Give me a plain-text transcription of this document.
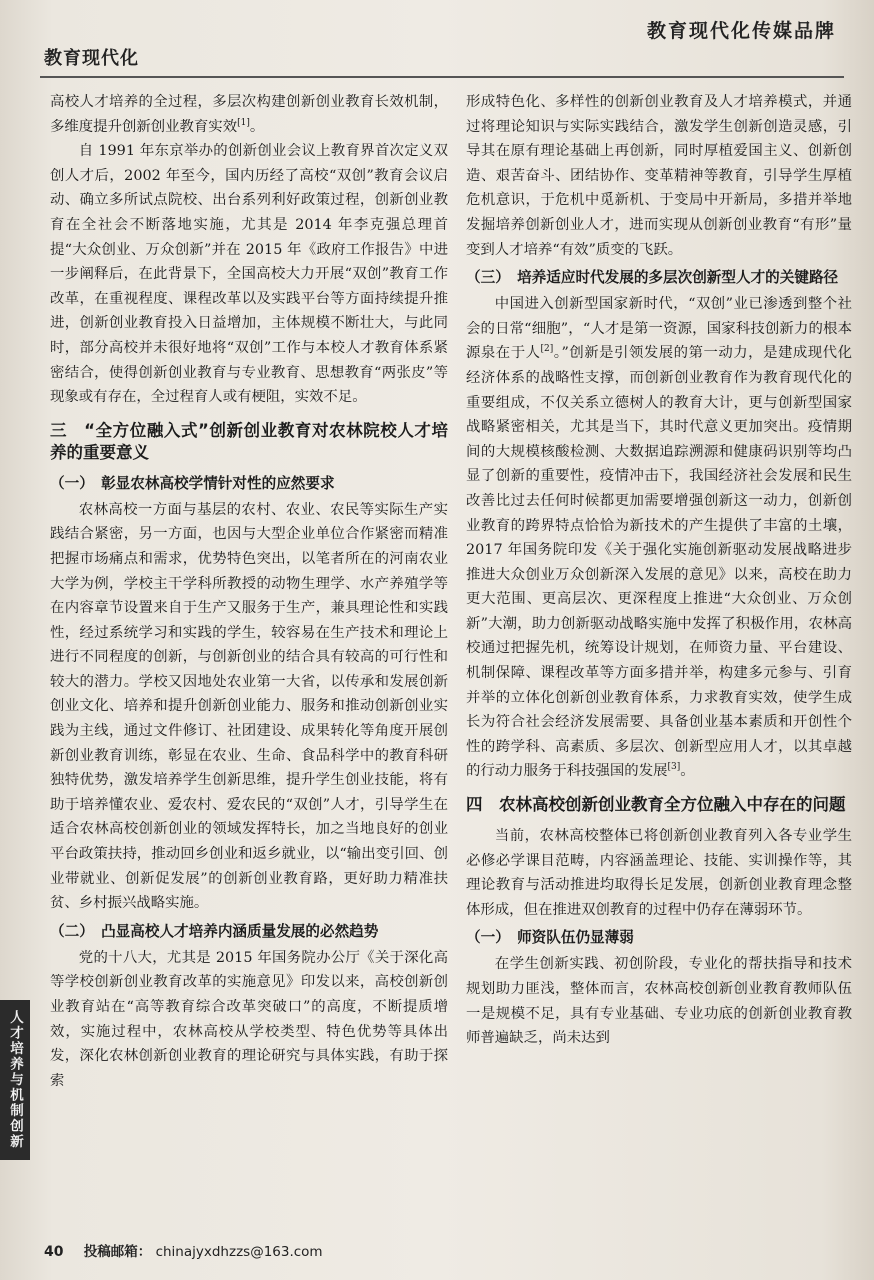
教育现代化
教育现代化传媒品牌

高校人才培养的全过程，多层次构建创新创业教育长效机制，多维度提升创新创业教育实效[1]。

自 1991 年东京举办的创新创业会议上教育界首次定义双创人才后，2002 年至今，国内历经了高校“双创”教育会议启动、确立多所试点院校、出台系列利好政策过程，创新创业教育在全社会不断落地实施，尤其是 2014 年李克强总理首提“大众创业、万众创新”并在 2015 年《政府工作报告》中进一步阐释后，在此背景下，全国高校大力开展“双创”教育工作改革，在重视程度、课程改革以及实践平台等方面持续提升推进，创新创业教育投入日益增加，主体规模不断壮大，与此同时，部分高校并未很好地将“双创”工作与本校人才教育体系紧密结合，使得创新创业教育与专业教育、思想教育“两张皮”等现象或有存在，全过程育人或有梗阻，实效不足。

三　“全方位融入式”创新创业教育对农林院校人才培养的重要意义
（一）　彰显农林高校学情针对性的应然要求

农林高校一方面与基层的农村、农业、农民等实际生产实践结合紧密，另一方面，也因与大型企业单位合作紧密而精准把握市场痛点和需求，优势特色突出，以笔者所在的河南农业大学为例，学校主干学科所教授的动物生理学、水产养殖学等在内容章节设置来自于生产又服务于生产，兼具理论性和实践性，经过系统学习和实践的学生，较容易在生产技术和理论上进行不同程度的创新，与创新创业的结合具有较高的可行性和较大的潜力。学校又因地处农业第一大省，以传承和发展创新创业文化、培养和提升创新创业能力、服务和推动创新创业实践为主线，通过文件修订、社团建设、成果转化等角度开展创新创业教育训练，彰显在农业、生命、食品科学中的教育科研独特优势，激发培养学生创新思维，提升学生创业技能，将有助于培养懂农业、爱农村、爱农民的“双创”人才，引导学生在适合农林高校创新创业的领域发挥特长，加之当地良好的创业平台政策扶持，推动回乡创业和返乡就业，以“输出变引回、创业带就业、创新促发展”的创新创业教育路，更好助力精准扶贫、乡村振兴战略实施。

（二）　凸显高校人才培养内涵质量发展的必然趋势

党的十八大，尤其是 2015 年国务院办公厅《关于深化高等学校创新创业教育改革的实施意见》印发以来，高校创新创业教育站在“高等教育综合改革突破口”的高度，不断提质增效，实施过程中，农林高校从学校类型、特色优势等具体出发，深化农林创新创业教育的理论研究与具体实践，有助于探索

形成特色化、多样性的创新创业教育及人才培养模式，并通过将理论知识与实际实践结合，激发学生创新创造灵感，引导其在原有理论基础上再创新，同时厚植爱国主义、创新创造、艰苦奋斗、团结协作、变革精神等教育，引导学生厚植危机意识，于危机中觅新机、于变局中开新局，多措并举地发掘培养创新创业人才，进而实现从创新创业教育“有形”量变到人才培养“有效”质变的飞跃。

（三）　培养适应时代发展的多层次创新型人才的关键路径

中国进入创新型国家新时代，“双创”业已渗透到整个社会的日常“细胞”，“人才是第一资源，国家科技创新力的根本源泉在于人[2]。”创新是引领发展的第一动力，是建成现代化经济体系的战略性支撑，而创新创业教育作为教育现代化的重要组成，不仅关系立德树人的教育大计，更与创新型国家战略紧密相关，尤其是当下，其时代意义更加突出。疫情期间的大规模核酸检测、大数据追踪溯源和健康码识别等均凸显了创新的重要性，疫情冲击下，我国经济社会发展和民生改善比过去任何时候都更加需要增强创新这一动力，创新创业教育的跨界特点恰恰为新技术的产生提供了丰富的土壤，2017 年国务院印发《关于强化实施创新驱动发展战略进步推进大众创业万众创新深入发展的意见》以来，高校在助力更大范围、更高层次、更深程度上推进“大众创业、万众创新”大潮，助力创新驱动战略实施中发挥了积极作用，农林高校通过把握先机，统筹设计规划，在师资力量、平台建设、机制保障、课程改革等方面多措并举，构建多元参与、引育并举的立体化创新创业教育体系，力求教育实效，使学生成长为符合社会经济发展需要、具备创业基本素质和开创性个性的跨学科、高素质、多层次、创新型应用人才，以其卓越的行动力服务于科技强国的发展[3]。

四　农林高校创新创业教育全方位融入中存在的问题

当前，农林高校整体已将创新创业教育列入各专业学生必修必学课目范畴，内容涵盖理论、技能、实训操作等，其理论教育与活动推进均取得长足发展，创新创业教育理念整体形成，但在推进双创教育的过程中仍存在薄弱环节。

（一）　师资队伍仍显薄弱

在学生创新实践、初创阶段，专业化的帮扶指导和技术规划助力匪浅，整体而言，农林高校创新创业教育教师队伍一是规模不足，具有专业基础、专业功底的创新创业教育教师普遍缺乏，尚未达到

人才培养与机制创新
40 投稿邮箱： chinajyxdhzzs@163.com
